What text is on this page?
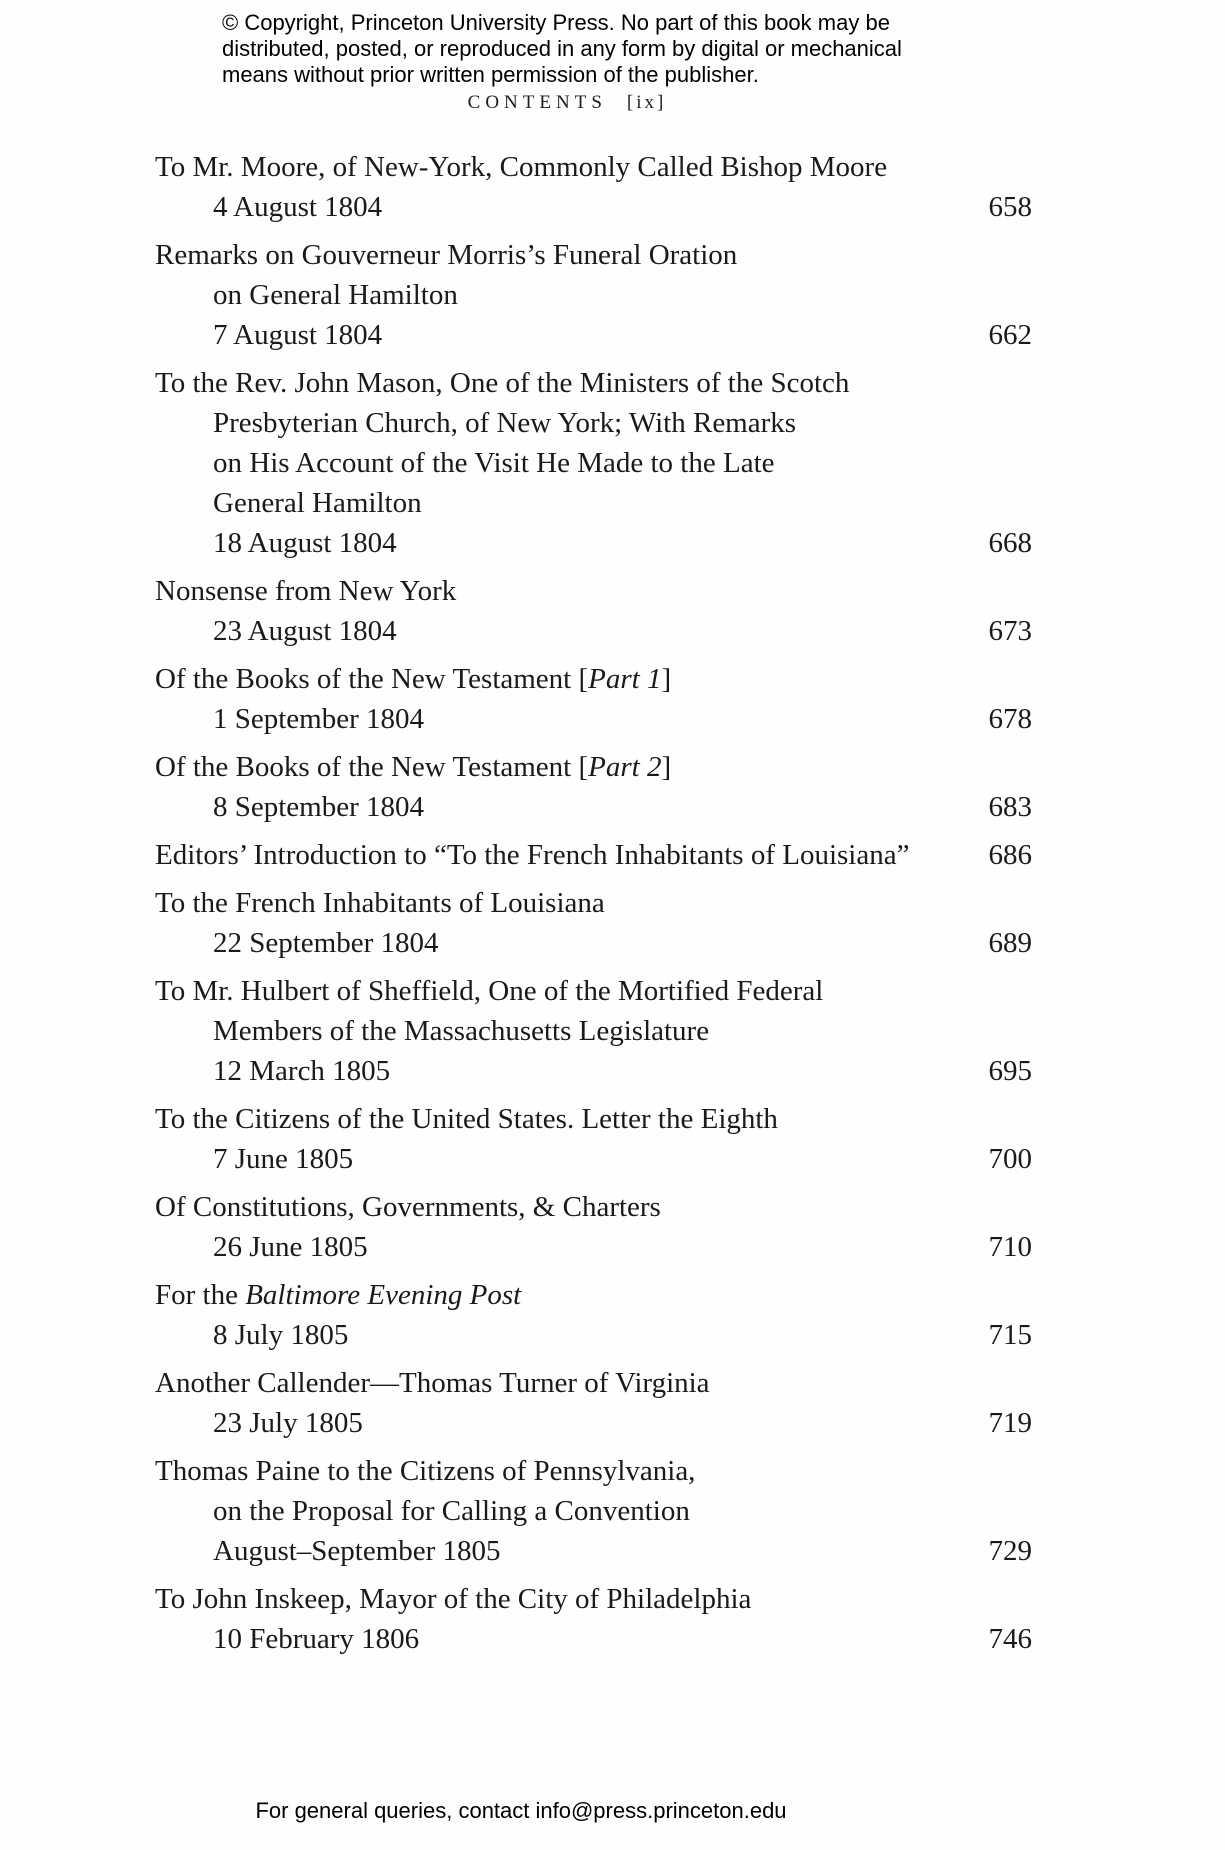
© Copyright, Princeton University Press. No part of this book may be
distributed, posted, or reproduced in any form by digital or mechanical
means without prior written permission of the publisher.
CONTENTS [ix]
To Mr. Moore, of New-York, Commonly Called Bishop Moore
4 August 1804	658
Remarks on Gouverneur Morris’s Funeral Oration
on General Hamilton
7 August 1804	662
To the Rev. John Mason, One of the Ministers of the Scotch
Presbyterian Church, of New York; With Remarks
on His Account of the Visit He Made to the Late
General Hamilton
18 August 1804	668
Nonsense from New York
23 August 1804	673
Of the Books of the New Testament [Part 1]
1 September 1804	678
Of the Books of the New Testament [Part 2]
8 September 1804	683
Editors’ Introduction to “To the French Inhabitants of Louisiana”	686
To the French Inhabitants of Louisiana
22 September 1804	689
To Mr. Hulbert of Sheffield, One of the Mortified Federal
Members of the Massachusetts Legislature
12 March 1805	695
To the Citizens of the United States. Letter the Eighth
7 June 1805	700
Of Constitutions, Governments, & Charters
26 June 1805	710
For the Baltimore Evening Post
8 July 1805	715
Another Callender—Thomas Turner of Virginia
23 July 1805	719
Thomas Paine to the Citizens of Pennsylvania,
on the Proposal for Calling a Convention
August–September 1805	729
To John Inskeep, Mayor of the City of Philadelphia
10 February 1806	746
For general queries, contact info@press.princeton.edu
